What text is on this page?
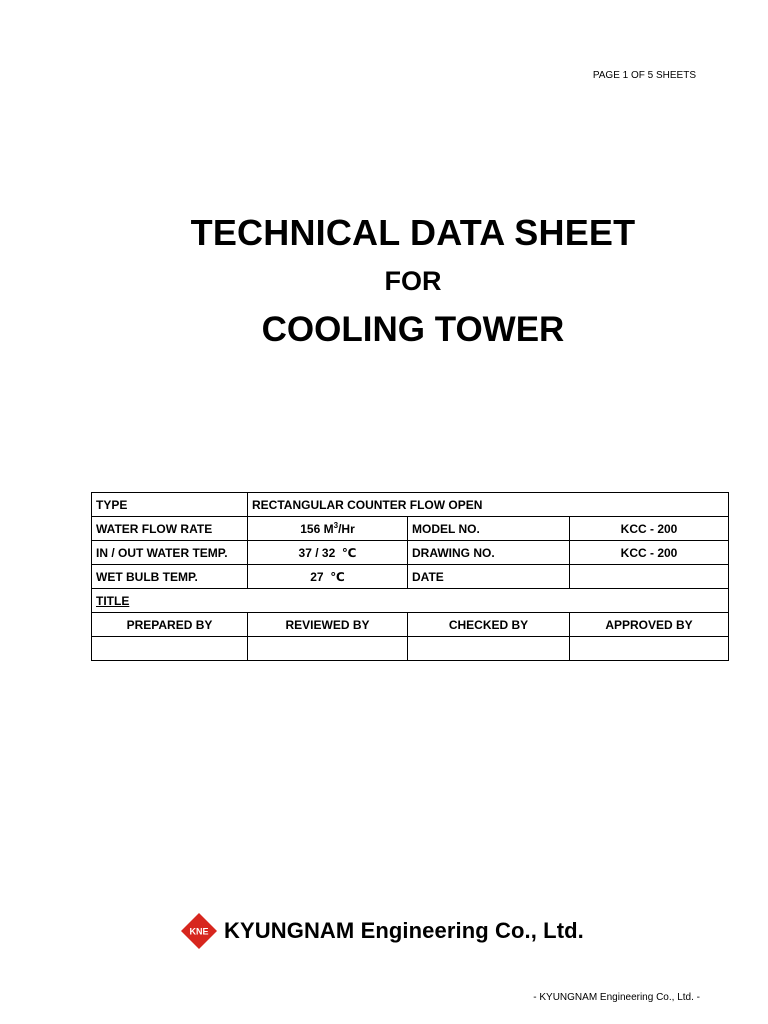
PAGE 1 OF 5 SHEETS
TECHNICAL DATA SHEET
FOR
COOLING TOWER
TYPE	RECTANGULAR COUNTER FLOW OPEN		
WATER FLOW RATE	156 $M^3/Hr$	MODEL NO.	KCC - 200
IN / OUT WATER TEMP.	37 / 32  ℃	DRAWING NO.	KCC - 200
WET BULB TEMP.	27  ℃	DATE	
TITLE			
PREPARED BY	REVIEWED BY	CHECKED BY	APPROVED BY

KNE KYUNGNAM Engineering Co., Ltd.
- KYUNGNAM Engineering Co., Ltd. -
